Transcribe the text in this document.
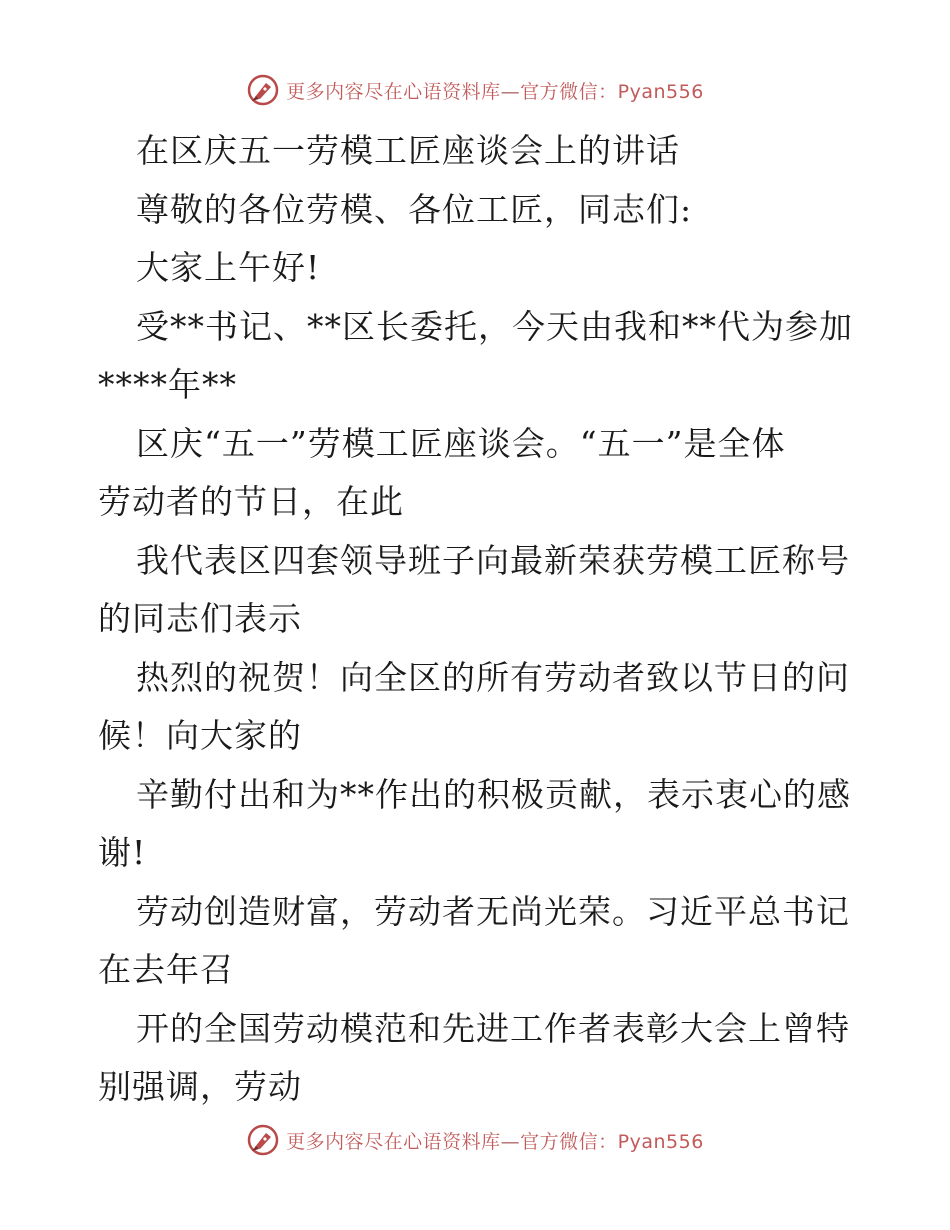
更多内容尽在心语资料库—官方微信：Pyan556
在区庆五一劳模工匠座谈会上的讲话
尊敬的各位劳模、各位工匠，同志们:
大家上午好!
受**书记、**区长委托，今天由我和**代为参加
****年**
区庆“五一”劳模工匠座谈会。“五一”是全体
劳动者的节日，在此
我代表区四套领导班子向最新荣获劳模工匠称号
的同志们表示
热烈的祝贺！向全区的所有劳动者致以节日的问
候！向大家的
辛勤付出和为**作出的积极贡献，表示衷心的感
谢!
劳动创造财富，劳动者无尚光荣。习近平总书记
在去年召
开的全国劳动模范和先进工作者表彰大会上曾特
别强调，劳动
更多内容尽在心语资料库—官方微信：Pyan556
